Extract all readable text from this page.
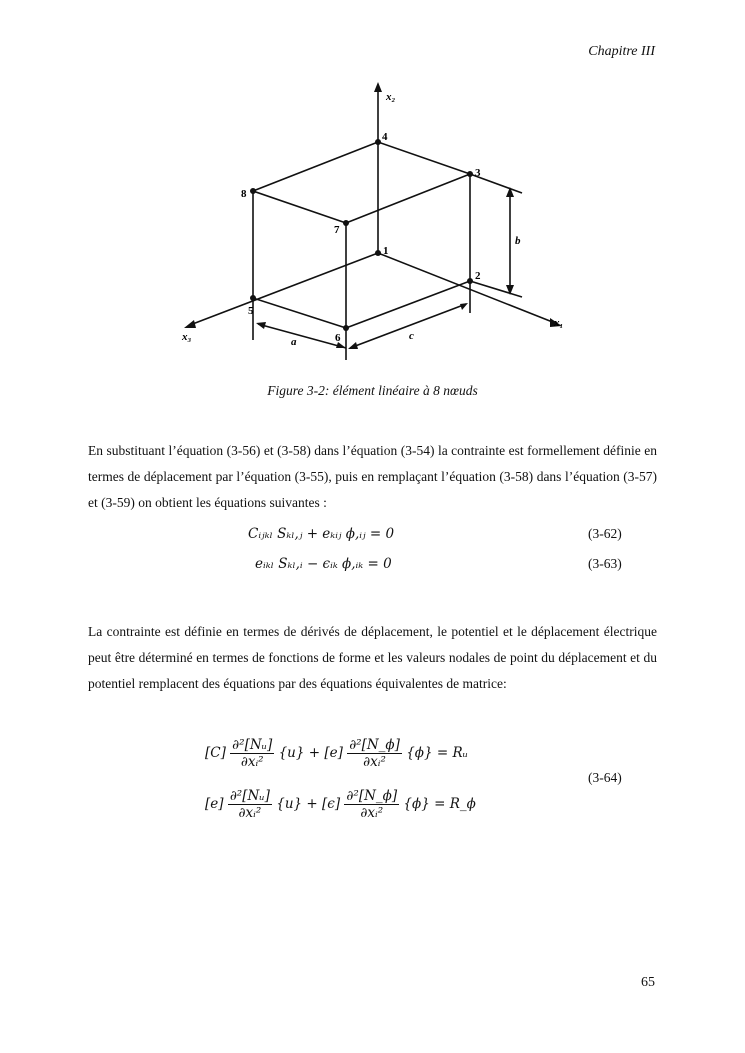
Chapitre III
x₂
x₃
x₁
1
2
3
4
5
6
7
8
b
a	c
Figure 3-2: élément linéaire à 8 nœuds
En substituant l’équation (3-56) et (3-58) dans l’équation (3-54) la contrainte est formellement définie en termes de déplacement par l’équation (3-55), puis en remplaçant l’équation (3-58) dans l’équation (3-57) et (3-59) on obtient les équations suivantes :
Cᵢⱼₖₗ Sₖₗ,ⱼ + eₖᵢⱼ ϕ,ᵢⱼ = 0	(3-62)
eᵢₖₗ Sₖₗ,ᵢ − ϵᵢₖ ϕ,ᵢₖ = 0	(3-63)
La contrainte est définie en termes de dérivés de déplacement, le potentiel et le déplacement électrique peut être déterminé en termes de fonctions de forme et les valeurs nodales de point du déplacement et du potentiel remplacent des équations par des équations équivalentes de matrice:
$[C] \frac{\text{∂²[Nᵤ]}}{\text{∂xᵢ²}} \{u\} + [e] \frac{\text{∂²[N\_ϕ]}}{\text{∂xᵢ²}} \{\phi\}$ = Rᵤ
(3-64)
$[e] \frac{\text{∂²[Nᵤ]}}{\text{∂xᵢ²}} \{u\} + [\epsilon] \frac{\text{∂²[N\_ϕ]}}{\text{∂xᵢ²}} \{\phi\}$ = R_ϕ
65
